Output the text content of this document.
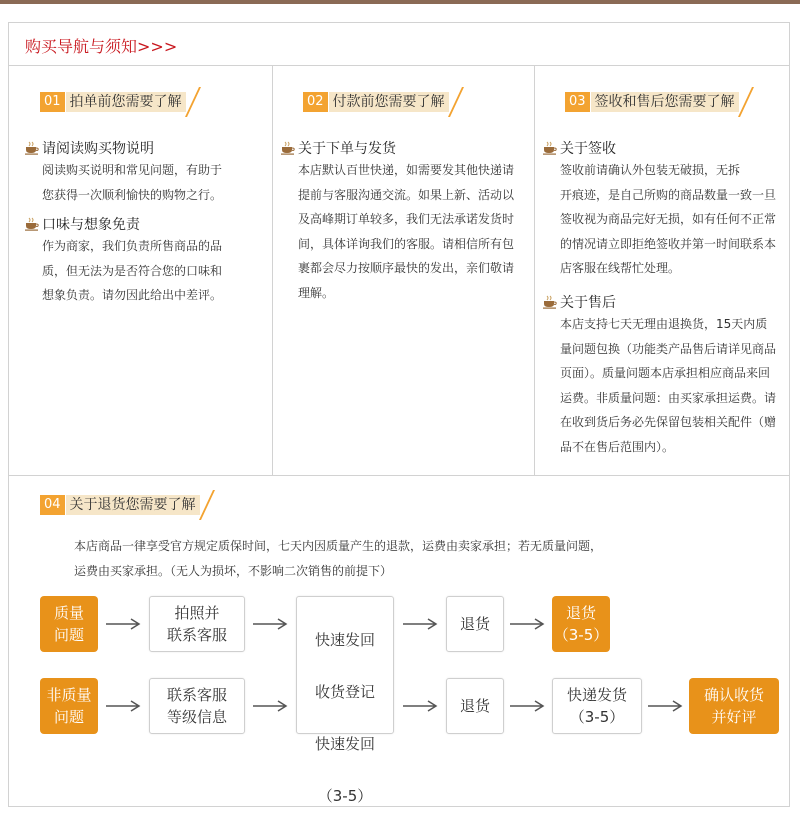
购买导航与须知>>>
01 拍单前您需要了解
请阅读购买物说明
阅读购买说明和常见问题，有助于
您获得一次顺利愉快的购物之行。
口味与想象免责
作为商家，我们负责所售商品的品
质，但无法为是否符合您的口味和
想象负责。请勿因此给出中差评。
02 付款前您需要了解
关于下单与发货
本店默认百世快递，如需要发其他快递请
提前与客服沟通交流。如果上新、活动以
及高峰期订单较多，我们无法承诺发货时
间，具体详询我们的客服。请相信所有包
裹都会尽力按顺序最快的发出，亲们敬请
理解。
03 签收和售后您需要了解
关于签收
签收前请确认外包装无破损，无拆
开痕迹，是自己所购的商品数量一致一旦
签收视为商品完好无损，如有任何不正常
的情况请立即拒绝签收并第一时间联系本
店客服在线帮忙处理。
关于售后
本店支持七天无理由退换货，15天内质
量问题包换（功能类产品售后请详见商品
页面）。质量问题本店承担相应商品来回
运费。非质量问题：由买家承担运费。请
在收到货后务必先保留包装相关配件（赠
品不在售后范围内）。
04 关于退货您需要了解
本店商品一律享受官方规定质保时间，七天内因质量产生的退款，运费由卖家承担；若无质量问题，
运费由买家承担。（无人为损坏，不影响二次销售的前提下）
质量
问题
拍照并
联系客服	快速发回

收货登记

快速发回

（3-5）

退货
退货
（3-5）
非质量
问题
联系客服
等级信息
退货
快递发货
（3-5）
确认收货
并好评
